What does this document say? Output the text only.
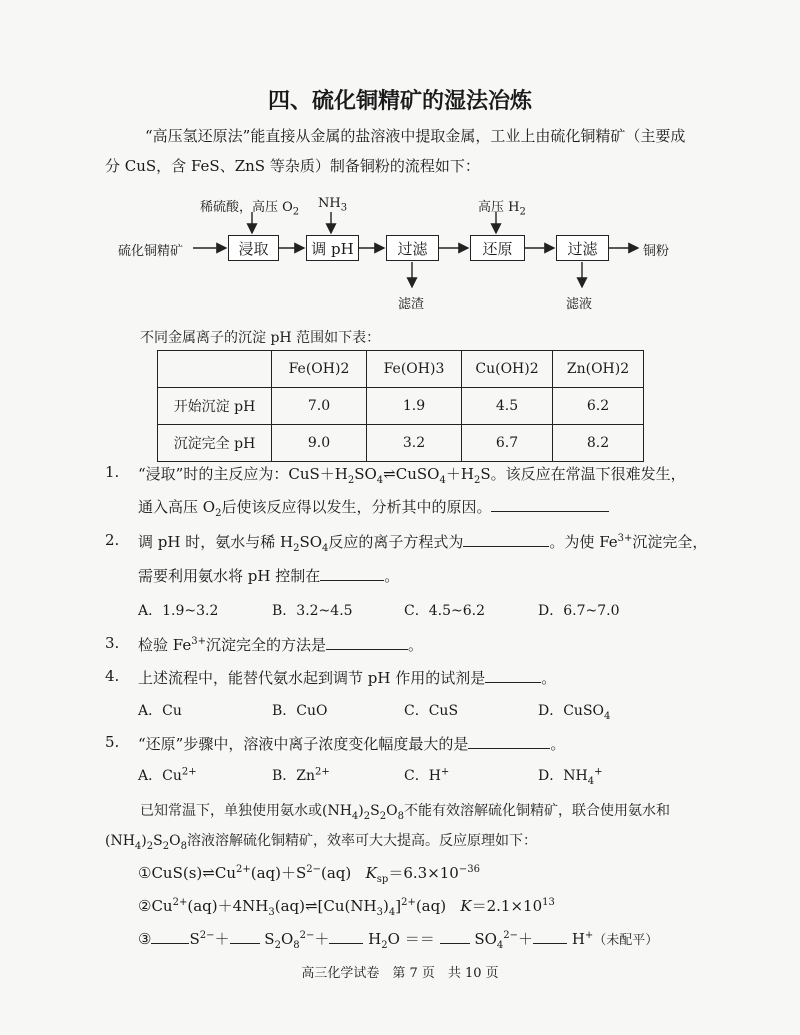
四、硫化铜精矿的湿法冶炼
“高压氢还原法”能直接从金属的盐溶液中提取金属，工业上由硫化铜精矿（主要成
分 CuS，含 FeS、ZnS 等杂质）制备铜粉的流程如下：
硫化铜精矿	浸取	调 pH	过滤	还原	过滤	铜粉
稀硫酸，高压 $O_2$
$NH_3$	高压 $H_2$
滤渣	滤液
不同金属离子的沉淀 pH 范围如下表：
	Fe(OH)2	Fe(OH)3	Cu(OH)2	Zn(OH)2
开始沉淀 pH	7.0	1.9	4.5	6.2
沉淀完全 pH	9.0	3.2	6.7	8.2
1. “浸取”时的主反应为：$CuS+H_2SO_4\rightleftharpoons CuSO_4+H_2S$。该反应在常温下很难发生，
通入高压 $O_2$后使该反应得以发生，分析其中的原因。
2. 调 pH 时，氨水与稀 $H_2SO_4$反应的离子方程式为	。为使 $Fe^{3+}$沉淀完全，
需要利用氨水将 pH 控制在	。
A．1.9~3.2	B．3.2~4.5	C．4.5~6.2	D．6.7~7.0
3. 检验 $Fe^{3+}$沉淀完全的方法是	。
4. 上述流程中，能替代氨水起到调节 pH 作用的试剂是	。
A．Cu	B．CuO	C．CuS	D．CuSO$_4$
5. “还原”步骤中，溶液中离子浓度变化幅度最大的是	。
A．$Cu^{2+}$	B．$Zn^{2+}$	C．H+	D．$NH_4^+$
已知常温下，单独使用氨水或$(NH_4)_2S_2O_8$不能有效溶解硫化铜精矿，联合使用氨水和
$(NH_4)_2S_2O_8$溶液溶解硫化铜精矿，效率可大大提高。反应原理如下：
$①CuS(s)\rightleftharpoons Cu^{2+}(aq)+S^{2-}(aq)$ $K_{sp}=6.3\times 10^{-36}$
$②Cu^{2+}(aq)+4NH_3(aq)\rightleftharpoons[Cu(NH_3)_4]^{2+}(aq)$ $K=2.1\times 10^{13}$
③	$S^{2-}+ S_2O_8^{2-}+$	$H_2O$ ＝＝	$SO_4^{2-}+$	H+（未配平）
高三化学试卷　第 7 页　共 10 页
